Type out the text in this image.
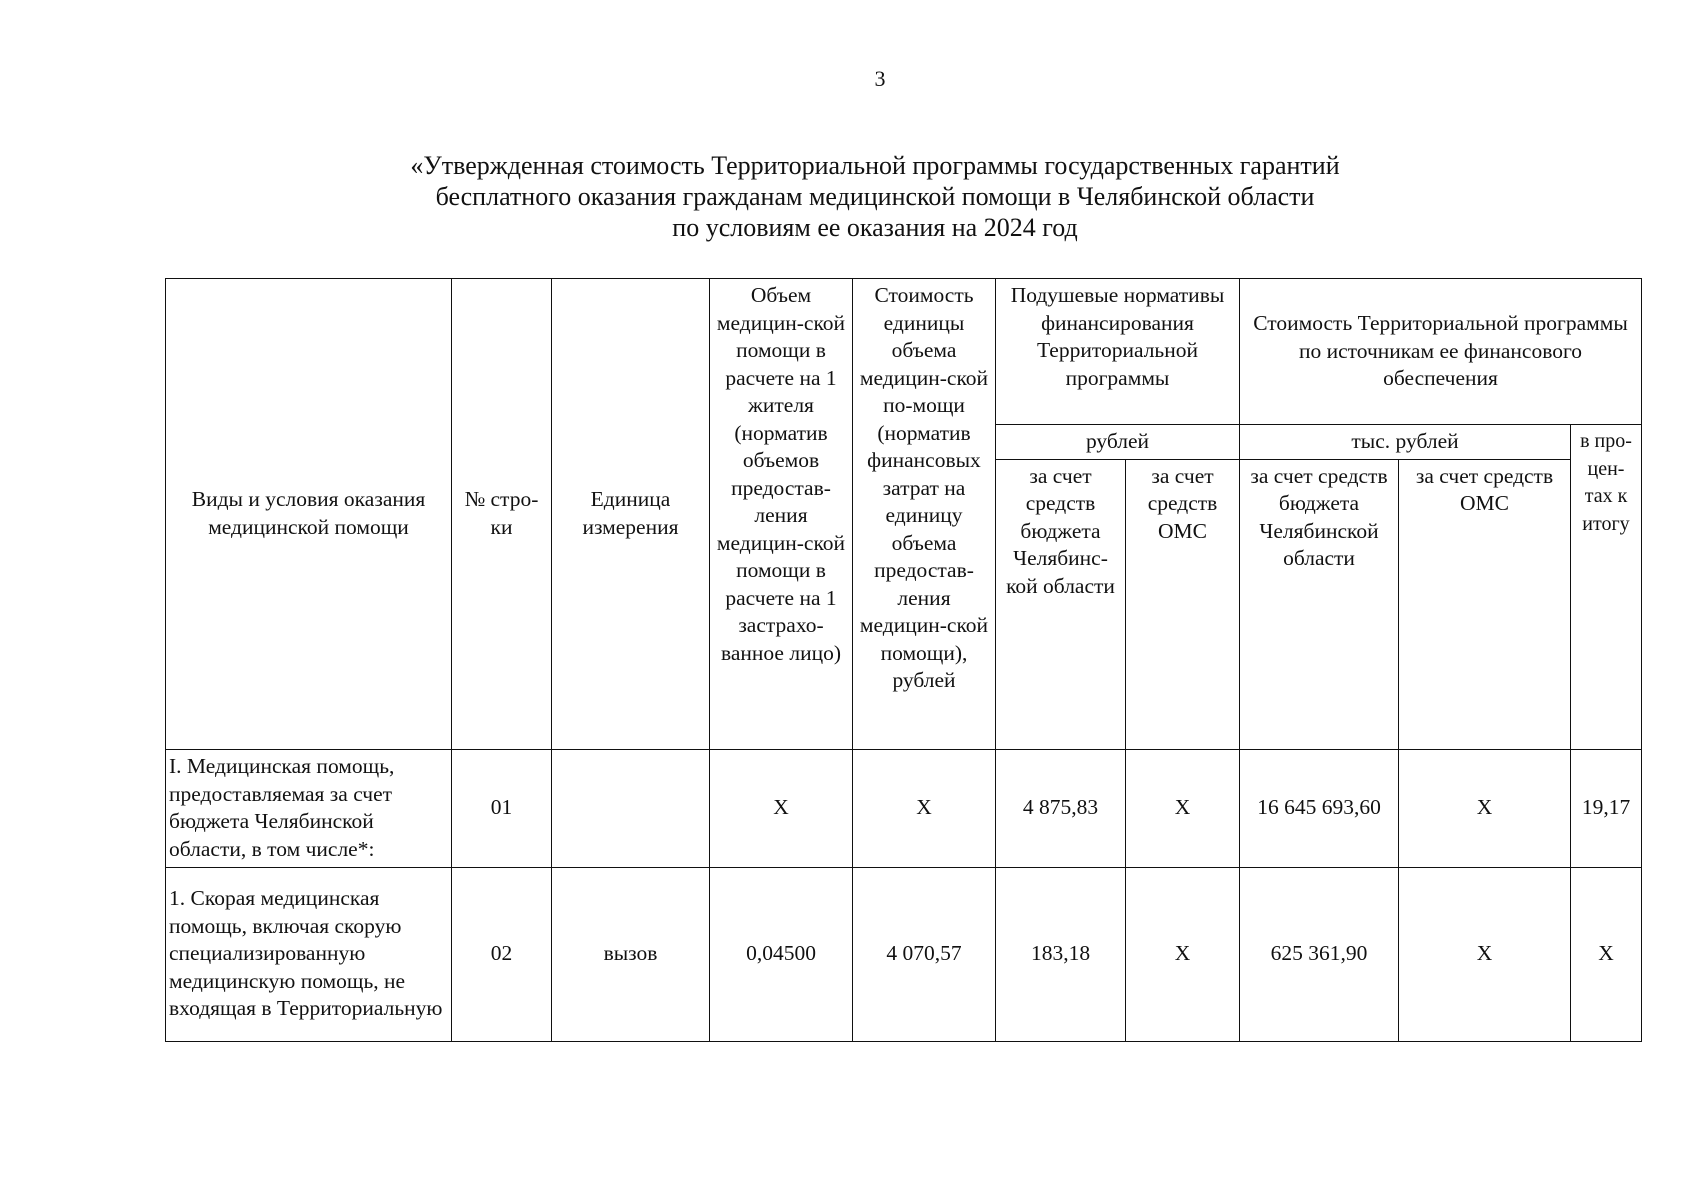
3
«Утвержденная стоимость Территориальной программы государственных гарантий
бесплатного оказания гражданам медицинской помощи в Челябинской области
по условиям ее оказания на 2024 год
Виды и условия оказания медицинской помощи	№ стро-ки	Единица измерения	Объем медицин-ской помощи в расчете на 1 жителя (норматив объемов предостав-ления медицин-ской помощи в расчете на 1 застрахо-ванное лицо)	Стоимость единицы объема медицин-ской по-мощи (норматив финансовых затрат на единицу объема предостав-ления медицин-ской помощи), рублей	Подушевые нормативы финансирования Территориальной программы		Стоимость Территориальной программы по источникам ее финансового обеспечения		
					рублей		тыс. рублей		в про-цен-тах к итогу
					за счет средств бюджета Челябинс-кой области	за счет средств ОМС	за счет средств бюджета Челябинской области	за счет средств ОМС	
I. Медицинская помощь, предоставляемая за счет бюджета Челябинской области, в том числе*:	01		X	X	4 875,83	X	16 645 693,60	X	19,17
1. Скорая медицинская помощь, включая скорую специализированную медицинскую помощь, не входящая в Территориальную	02	вызов	0,04500	4 070,57	183,18	X	625 361,90	X	X
